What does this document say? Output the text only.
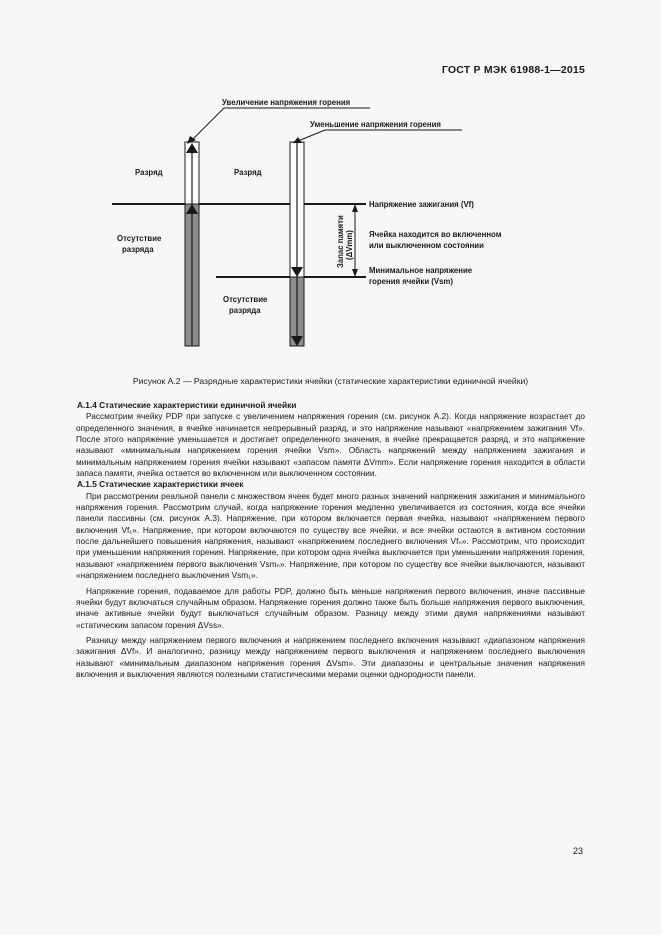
ГОСТ Р МЭК 61988-1—2015
Увеличение напряжения горения
Уменьшение напряжения горения
Разряд	Разряд
Отсутствие
разряда
Отсутствие
разряда
Напряжение зажигания (Vf)
Ячейка находится во включенном
или выключенном состоянии
Минимальное напряжение
горения ячейки (Vsm)
Запас памяти (ΔVmm)
Рисунок А.2 — Разрядные характеристики ячейки (статические характеристики единичной ячейки)
А.1.4 Статические характеристики единичной ячейки

Рассмотрим ячейку PDP при запуске с увеличением напряжения горения (см. рисунок А.2). Когда напряжение возрастает до определенного значения, в ячейке начинается непрерывный разряд, и это напряжение называют «напряжением зажигания Vf». После этого напряжение уменьшается и достигает определенного значения, в ячейке прекращается разряд, и это напряжение называют «минимальным напряжением горения ячейки Vsm». Область напряжений между напряжением зажигания и минимальным напряжением горения ячейки называют «запасом памяти ΔVmm». Если напряжение горения находится в области запаса памяти, ячейка остается во включенном или выключенном состоянии.

А.1.5 Статические характеристики ячеек

При рассмотрении реальной панели с множеством ячеек будет много разных значений напряжения зажигания и минимального напряжения горения. Рассмотрим случай, когда напряжение горения медленно увеличивается из состояния, когда все ячейки панели пассивны (см. рисунок А.3). Напряжение, при котором включается первая ячейка, называют «напряжением первого включения Vf₁». Напряжение, при котором включаются по существу все ячейки, и все ячейки остаются в активном состоянии после дальнейшего повышения напряжения, называют «напряжением последнего включения Vfₙ». Рассмотрим, что происходит при уменьшении напряжения горения. Напряжение, при котором одна ячейка выключается при уменьшении напряжения горения, называют «напряжением первого выключения Vsmₙ». Напряжение, при котором по существу все ячейки выключаются, называют «напряжением последнего выключения Vsm₁».

Напряжение горения, подаваемое для работы PDP, должно быть меньше напряжения первого включения, иначе пассивные ячейки будут включаться случайным образом. Напряжение горения должно также быть больше напряжения первого выключения, иначе активные ячейки будут выключаться случайным образом. Разницу между этими двумя напряжениями называют «статическим запасом горения ΔVss».

Разницу между напряжением первого включения и напряжением последнего включения называют «диапазоном напряжения зажигания ΔVf». И аналогично, разницу между напряжением первого выключения и напряжением последнего выключения называют «минимальным диапазоном напряжения горения ΔVsm». Эти диапазоны и центральные значения напряжения включения и выключения являются полезными статистическими мерами оценки однородности панели.

23
